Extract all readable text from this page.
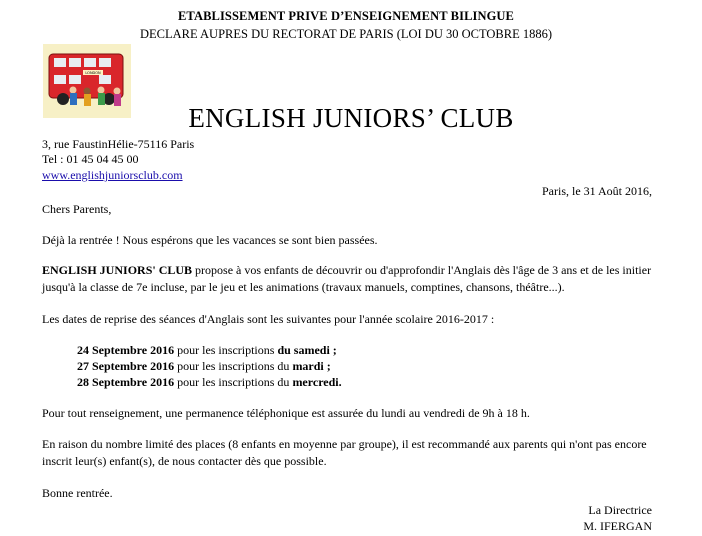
ETABLISSEMENT PRIVE D’ENSEIGNEMENT BILINGUE
DECLARE AUPRES DU RECTORAT DE PARIS (LOI DU 30 OCTOBRE 1886)
LONDON
ENGLISH JUNIORS’ CLUB
3, rue FaustinHélie-75116 Paris
Tel : 01 45 04 45 00
www.englishjuniorsclub.com
Paris, le 31 Août 2016,
Chers Parents,
Déjà la rentrée ! Nous espérons que les vacances se sont bien passées.
ENGLISH JUNIORS' CLUB propose à vos enfants de découvrir ou d'approfondir l'Anglais dès l'âge de 3 ans et de les initier jusqu'à la classe de 7e incluse, par le jeu et les animations (travaux manuels, comptines, chansons, théâtre...).
Les dates de reprise des séances d'Anglais sont les suivantes pour l'année scolaire 2016-2017 :
24 Septembre 2016 pour les inscriptions du samedi ;
27 Septembre 2016 pour les inscriptions du mardi ;
28 Septembre 2016 pour les inscriptions du mercredi.
Pour tout renseignement, une permanence téléphonique est assurée du lundi au vendredi de 9h à 18 h.
En raison du nombre limité des places (8 enfants en moyenne par groupe), il est recommandé aux parents qui n'ont pas encore inscrit leur(s) enfant(s), de nous contacter dès que possible.
Bonne rentrée.
La Directrice
M. IFERGAN
